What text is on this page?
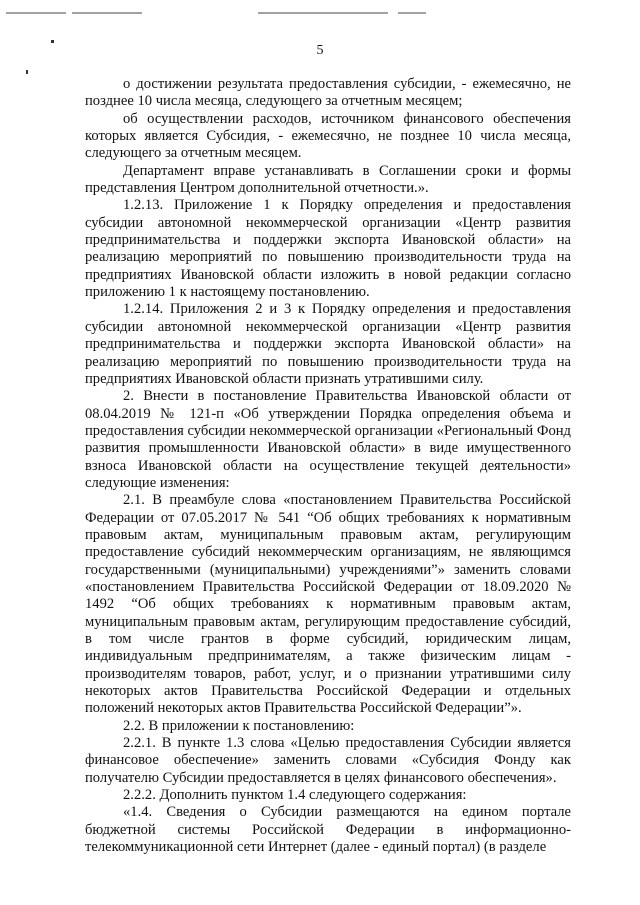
5

о достижении результата предоставления субсидии, - ежемесячно, не позднее 10 числа месяца, следующего за отчетным месяцем;

об осуществлении расходов, источником финансового обеспечения которых является Субсидия, - ежемесячно, не позднее 10 числа месяца, следующего за отчетным месяцем.

Департамент вправе устанавливать в Соглашении сроки и формы представления Центром дополнительной отчетности.».

1.2.13. Приложение 1 к Порядку определения и предоставления субсидии автономной некоммерческой организации «Центр развития предпринимательства и поддержки экспорта Ивановской области» на реализацию мероприятий по повышению производительности труда на предприятиях Ивановской области изложить в новой редакции согласно приложению 1 к настоящему постановлению.

1.2.14. Приложения 2 и 3 к Порядку определения и предоставления субсидии автономной некоммерческой организации «Центр развития предпринимательства и поддержки экспорта Ивановской области» на реализацию мероприятий по повышению производительности труда на предприятиях Ивановской области признать утратившими силу.

2. Внести в постановление Правительства Ивановской области от 08.04.2019 № 121-п «Об утверждении Порядка определения объема и предоставления субсидии некоммерческой организации «Региональный Фонд развития промышленности Ивановской области» в виде имущественного взноса Ивановской области на осуществление текущей деятельности» следующие изменения:

2.1. В преамбуле слова «постановлением Правительства Российской Федерации от 07.05.2017 № 541 “Об общих требованиях к нормативным правовым актам, муниципальным правовым актам, регулирующим предоставление субсидий некоммерческим организациям, не являющимся государственными (муниципальными) учреждениями”» заменить словами «постановлением Правительства Российской Федерации от 18.09.2020 № 1492 “Об общих требованиях к нормативным правовым актам, муниципальным правовым актам, регулирующим предоставление субсидий, в том числе грантов в форме субсидий, юридическим лицам, индивидуальным предпринимателям, а также физическим лицам - производителям товаров, работ, услуг, и о признании утратившими силу некоторых актов Правительства Российской Федерации и отдельных положений некоторых актов Правительства Российской Федерации”».

2.2. В приложении к постановлению:

2.2.1. В пункте 1.3 слова «Целью предоставления Субсидии является финансовое обеспечение» заменить словами «Субсидия Фонду как получателю Субсидии предоставляется в целях финансового обеспечения».

2.2.2. Дополнить пунктом 1.4 следующего содержания:

«1.4. Сведения о Субсидии размещаются на едином портале бюджетной системы Российской Федерации в информационно-телекоммуникационной сети Интернет (далее - единый портал) (в разделе
